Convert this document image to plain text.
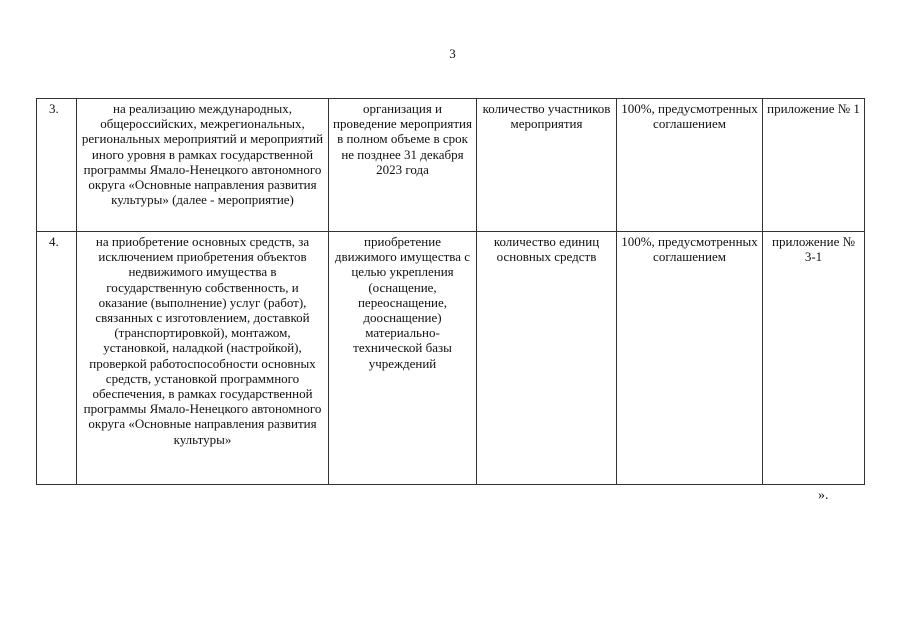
3
3.	на реализацию международных, общероссийских, межрегиональных, региональных мероприятий и мероприятий иного уровня в рамках государственной программы Ямало-Ненецкого автономного округа «Основные направления развития культуры» (далее - мероприятие)	организация и проведение мероприятия в полном объеме в срок не позднее 31 декабря 2023 года	количество участников мероприятия	100%, предусмотренных соглашением	приложение № 1
4.	на приобретение основных средств, за исключением приобретения объектов недвижимого имущества в государственную собственность, и оказание (выполнение) услуг (работ), связанных с изготовлением, доставкой (транспортировкой), монтажом, установкой, наладкой (настройкой), проверкой работоспособности основных средств, установкой программного обеспечения, в рамках государственной программы Ямало-Ненецкого автономного округа «Основные направления развития культуры»	приобретение движимого имущества с целью укрепления (оснащение, переоснащение, дооснащение) материально-технической базы учреждений	количество единиц основных средств	100%, предусмотренных соглашением	приложение № 3-1
».
